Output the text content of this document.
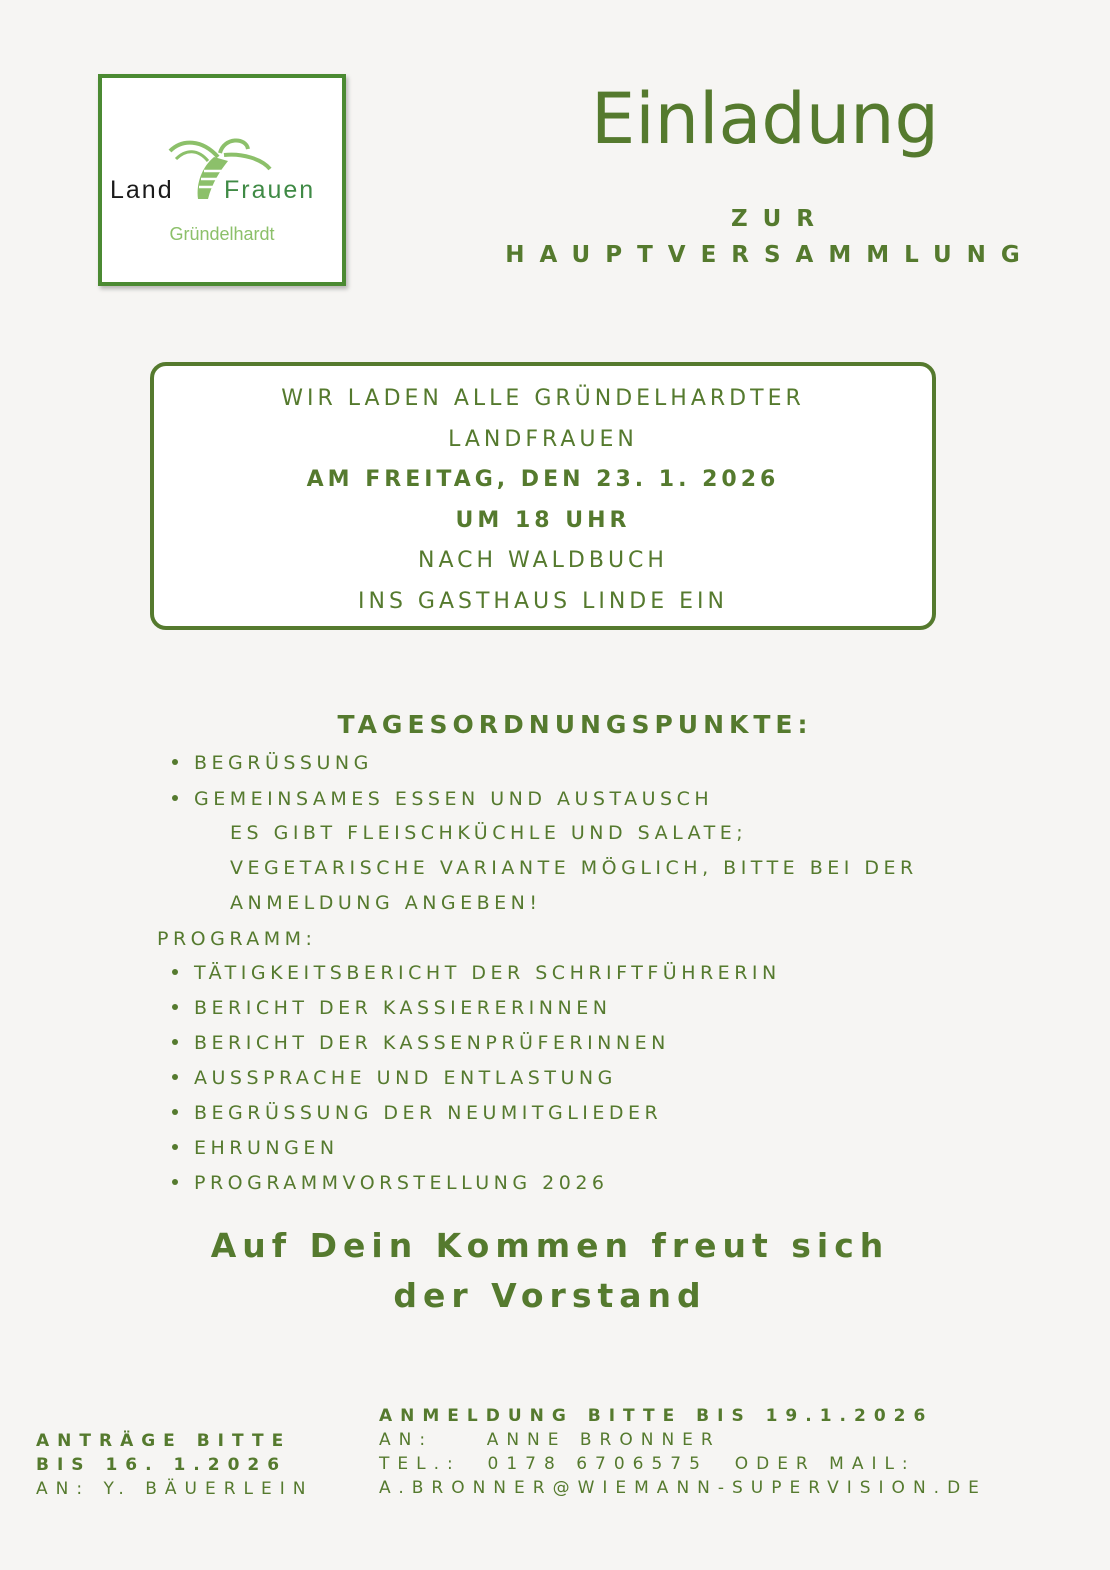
Land Frauen
Gründelhardt
Einladung
ZUR
HAUPTVERSAMMLUNG
WIR LADEN ALLE GRÜNDELHARDTER
LANDFRAUEN
AM FREITAG, DEN 23. 1. 2026
UM 18 UHR
NACH WALDBUCH
INS GASTHAUS LINDE EIN
TAGESORDNUNGSPUNKTE:
BEGRÜSSUNG
GEMEINSAMES ESSEN UND AUSTAUSCH
ES GIBT FLEISCHKÜCHLE UND SALATE;
VEGETARISCHE VARIANTE MÖGLICH, BITTE BEI DER
ANMELDUNG ANGEBEN!
PROGRAMM:
TÄTIGKEITSBERICHT DER SCHRIFTFÜHRERIN
BERICHT DER KASSIERERINNEN
BERICHT DER KASSENPRÜFERINNEN
AUSSPRACHE UND ENTLASTUNG
BEGRÜSSUNG DER NEUMITGLIEDER
EHRUNGEN
PROGRAMMVORSTELLUNG 2026
Auf Dein Kommen freut sich
der Vorstand
ANTRÄGE BITTE
BIS 16. 1.2026
AN: Y. BÄUERLEIN
ANMELDUNG BITTE BIS 19.1.2026
AN:    ANNE BRONNER
TEL.:  0178 6706575  ODER MAIL:
A.BRONNER@WIEMANN-SUPERVISION.DE
